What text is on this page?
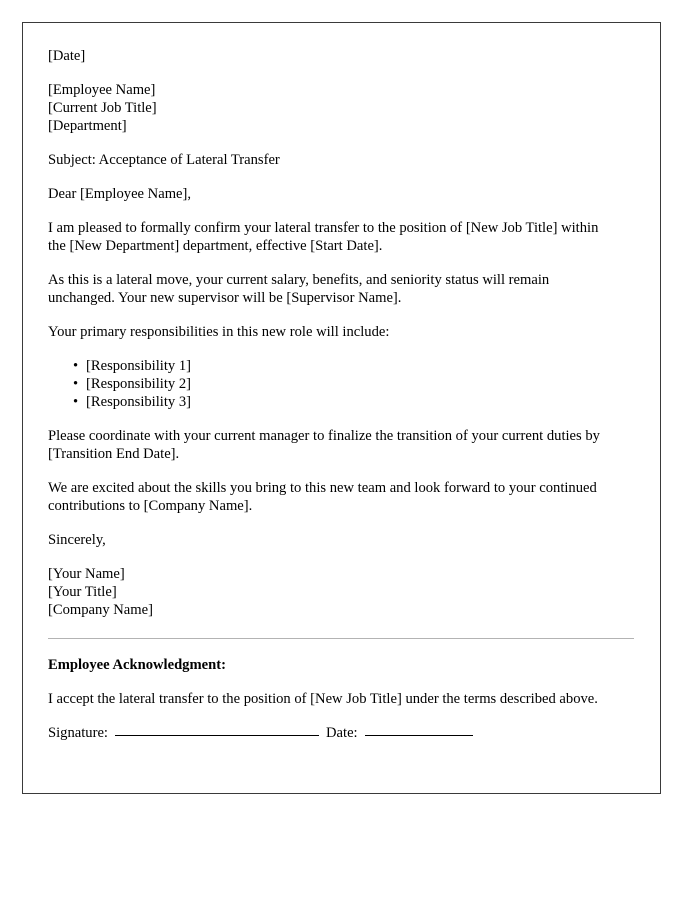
[Date]
[Employee Name]
[Current Job Title]
[Department]

Subject: Acceptance of Lateral Transfer

Dear [Employee Name],

I am pleased to formally confirm your lateral transfer to the position of [New Job Title] within the [New Department] department, effective [Start Date].

As this is a lateral move, your current salary, benefits, and seniority status will remain unchanged. Your new supervisor will be [Supervisor Name].

Your primary responsibilities in this new role will include:

• [Responsibility 1]
• [Responsibility 2]
• [Responsibility 3]

Please coordinate with your current manager to finalize the transition of your current duties by [Transition End Date].

We are excited about the skills you bring to this new team and look forward to your continued contributions to [Company Name].

Sincerely,

[Your Name]
[Your Title]
[Company Name]

Employee Acknowledgment:

I accept the lateral transfer to the position of [New Job Title] under the terms described above.

Signature:	Date:
